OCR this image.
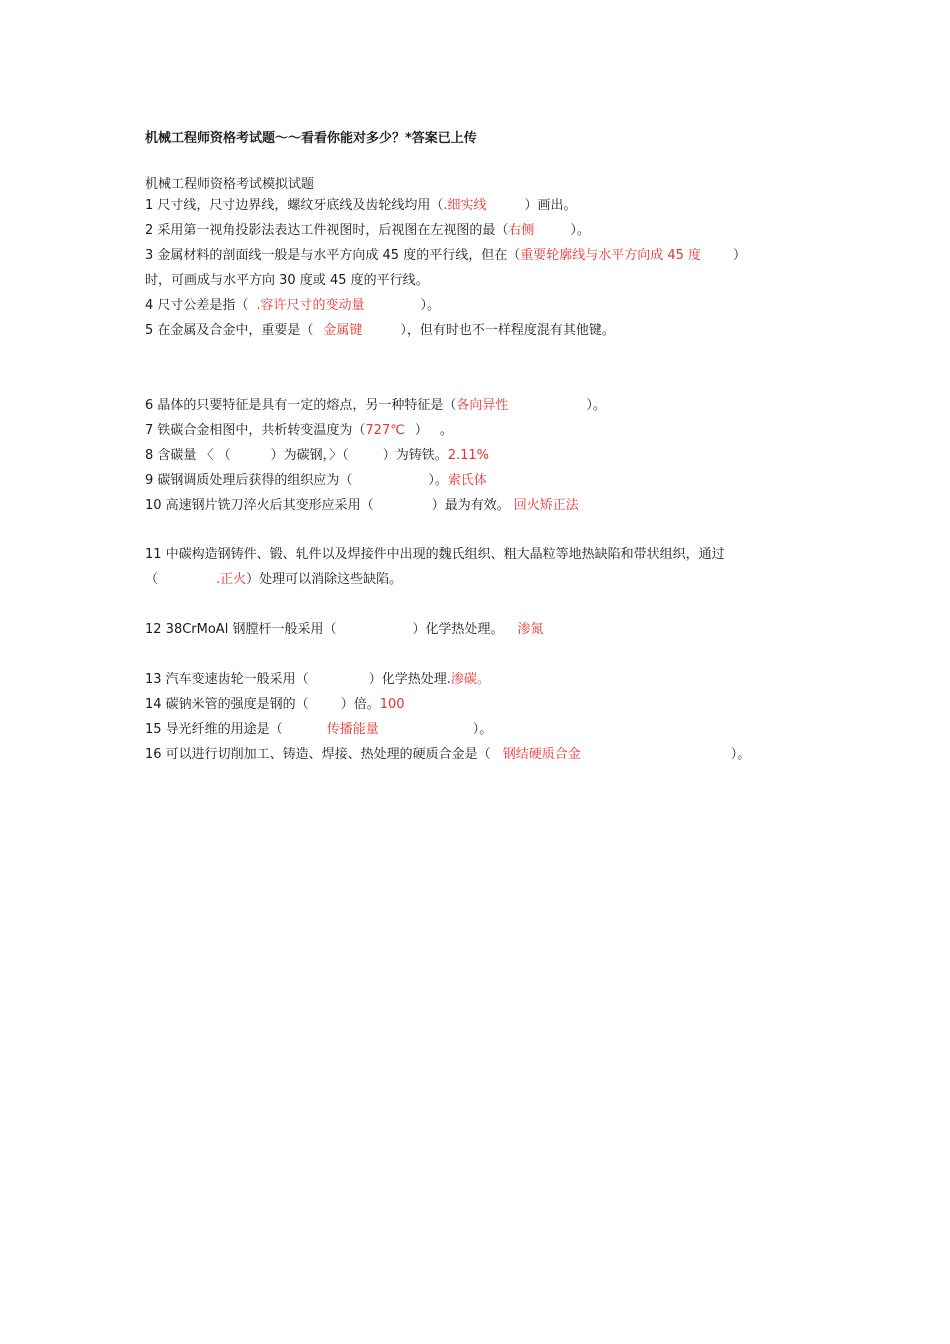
机械工程师资格考试题～～看看你能对多少？*答案已上传
机械工程师资格考试模拟试题
1 尺寸线，尺寸边界线，螺纹牙底线及齿轮线均用（.细实线	）画出。
2 采用第一视角投影法表达工件视图时，后视图在左视图的最（右侧	）。
3 金属材料的剖面线一般是与水平方向成 45 度的平行线，但在（重要轮廓线与水平方向成 45 度 ）
时，可画成与水平方向 30 度或 45 度的平行线。
4 尺寸公差是指（ .容许尺寸的变动量	）。
5 在金属及合金中，重要是（ 金属键	），但有时也不一样程度混有其他键。
6 晶体的只要特征是具有一定的熔点，另一种特征是（各向异性	）。
7 铁碳合金相图中，共析转变温度为（727℃ ） 。
8 含碳量 〈 （	）为碳钢，〉（	）为铸铁。2.11%
9 碳钢调质处理后获得的组织应为（	）。索氏体
10 高速钢片铣刀淬火后其变形应采用（	）最为有效。 回火矫正法
11 中碳构造钢铸件、锻、轧件以及焊接件中出现的魏氏组织、粗大晶粒等地热缺陷和带状组织，通过
（	.正火）处理可以消除这些缺陷。
12 38CrMoAl 钢膛杆一般采用（	）化学热处理。 渗氮
13 汽车变速齿轮一般采用（	）化学热处理.渗碳。
14 碳钠米管的强度是钢的（ ）倍。100
15 导光纤维的用途是（	传播能量	）。
16 可以进行切削加工、铸造、焊接、热处理的硬质合金是（ 钢结硬质合金	）。
